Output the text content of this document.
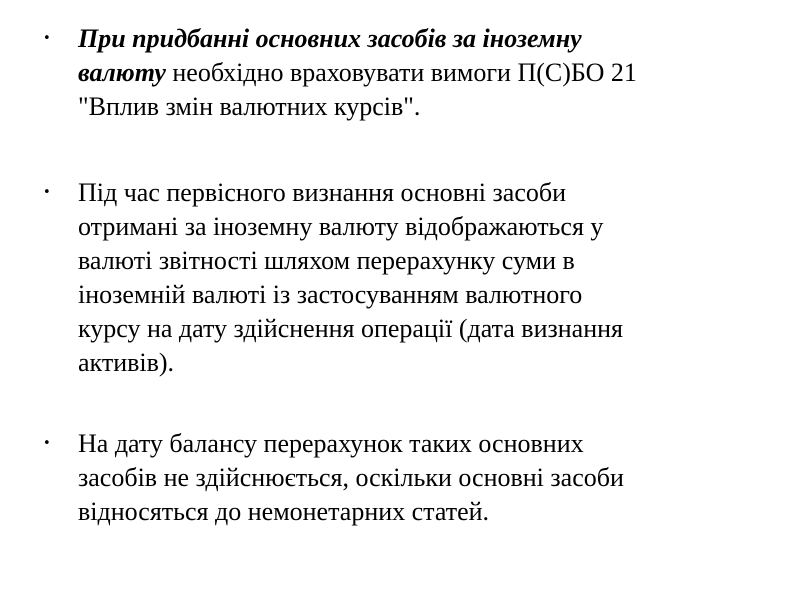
• При придбанні основних засобів за іноземну
валюту необхідно враховувати вимоги П(С)БО 21
"Вплив змін валютних курсів".
• Під час первісного визнання основні засоби
отримані за іноземну валюту відображаються у
валюті звітності шляхом перерахунку суми в
іноземній валюті із застосуванням валютного
курсу на дату здійснення операції (дата визнання
активів).
• На дату балансу перерахунок таких основних
засобів не здійснюється, оскільки основні засоби
відносяться до немонетарних статей.
